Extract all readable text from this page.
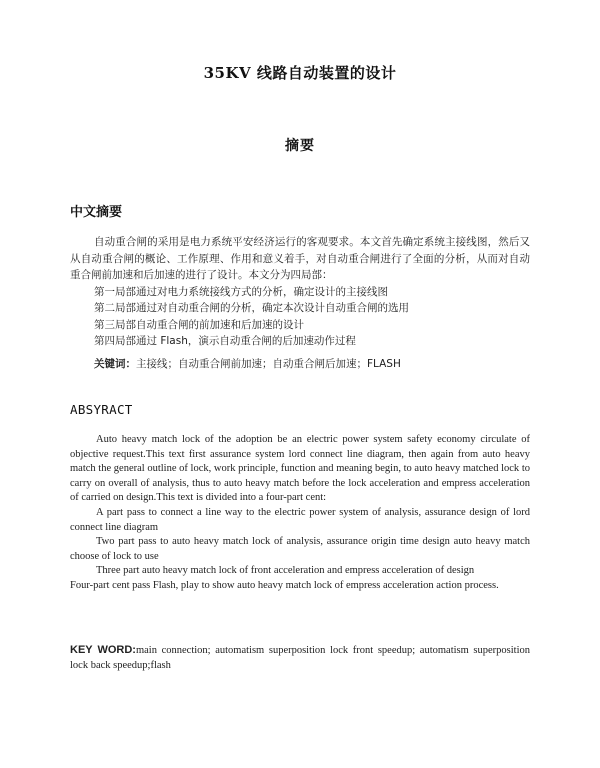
35KV 线路自动装置的设计
摘要
中文摘要

自动重合闸的采用是电力系统平安经济运行的客观要求。本文首先确定系统主接线图，然后又从自动重合闸的概论、工作原理、作用和意义着手，对自动重合闸进行了全面的分析，从而对自动重合闸前加速和后加速的进行了设计。本文分为四局部：

第一局部通过对电力系统接线方式的分析，确定设计的主接线图

第二局部通过对自动重合闸的分析，确定本次设计自动重合闸的选用

第三局部自动重合闸的前加速和后加速的设计

第四局部通过 Flash，演示自动重合闸的后加速动作过程

关键词：主接线；自动重合闸前加速；自动重合闸后加速；FLASH
ABSYRACT

Auto heavy match lock of the adoption be an electric power system safety economy circulate of objective request.This text first assurance system lord connect line diagram, then again from auto heavy match the general outline of lock, work principle, function and meaning begin, to auto heavy matched lock to carry on overall of analysis, thus to auto heavy match before the lock acceleration and empress acceleration of carried on design.This text is divided into a four-part cent:

A part pass to connect a line way to the electric power system of analysis, assurance design of lord connect line diagram

Two part pass to auto heavy match lock of analysis, assurance origin time design auto heavy match choose of lock to use

Three part auto heavy match lock of front acceleration and empress acceleration of design

Four-part cent pass Flash, play to show auto heavy match lock of empress acceleration action process.

KEY WORD:main connection; automatism superposition lock front speedup; automatism superposition lock back speedup;flash
